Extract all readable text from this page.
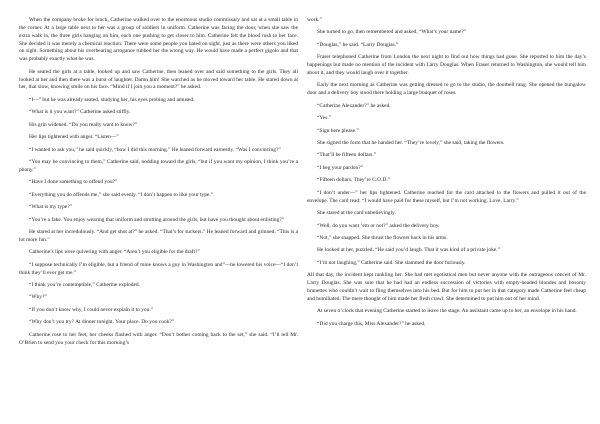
When the company broke for lunch, Catherine walked over to the enormous studio commissary and sat at a small table in the corner. At a large table next to her was a group of soldiers in uniform. Catherine was facing the door, when she saw the extra walk in, the three girls hanging on him, each one pushing to get closer to him. Catherine felt the blood rush to her face. She decided it was merely a chemical reaction. There were some people you hated on sight, just as there were others you liked on sight. Something about his overbearing arrogance rubbed her the wrong way. He would have made a perfect gigolo and that was probably exactly what he was.

He seated the girls at a table, looked up and saw Catherine, then leaned over and said something to the girls. They all looked at her and then there was a burst of laughter. Damn him! She watched as he moved toward her table. He stared down at her, that slow, knowing smile on his face. “Mind if I join you a moment?” he asked.

“I—” but he was already seated, studying her, his eyes probing and amused.

“What is it you want?” Catherine asked stiffly.

His grin widened. “Do you really want to know?”

Her lips tightened with anger. “Listen—”

“I wanted to ask you,” he said quickly, “how I did this morning.” He leaned forward earnestly. “Was I convincing?”

“You may be convincing to them,” Catherine said, nodding toward the girls, “but if you want my opinion, I think you’re a phony.”

“Have I done something to offend you?”

“Everything you do offends me,” she said evenly. “I don’t happen to like your type.”

“What is my type?”

“You’re a fake. You enjoy wearing that uniform and strutting around the girls, but have you thought about enlisting?”

He stared at her incredulously. “And get shot at?” he asked. “That’s for suckers.” He leaned forward and grinned. “This is a lot more fun.”

Catherine’s lips were quivering with anger. “Aren’t you eligible for the draft?”

“I suppose technically I’m eligible, but a friend of mine knows a guy in Washington and”—he lowered his voice—“I don’t think they’ll ever get me.”

“I think you’re contemptible,” Catherine exploded.

“Why?”

“If you don’t know why, I could never explain it to you.”

“Why don’t you try? At dinner tonight. Your place. Do you cook?”

Catherine rose to her feet, her cheeks flashed with anger. “Don’t bother coming back to the set,” she said. “I’ll tell Mr. O’Brien to send you your check for this morning’s

work.”

She turned to go, then remembered and asked, “What’s your name?”

“Douglas,” he said. “Larry Douglas.”

Fraser telephoned Catherine from London the next night to find out how things had gone. She reported to him the day’s happenings but made no mention of the incident with Larry Douglas. When Fraser returned to Washington, she would tell him about it, and they would laugh over it together.

Early the next morning as Catherine was getting dressed to go to the studio, the doorbell rang. She opened the bungalow door and a delivery boy stood there holding a large bouquet of roses.

“Catherine Alexander?” he asked.

“Yes.”

“Sign here please.”

She signed the form that he handed her. “They’re lovely,” she said, taking the flowers.

“That’ll be fifteen dollars.”

“I beg your pardon?”

“Fifteen dollars. They’re C.O.D.”

“I don’t under—” her lips tightened. Catherine reached for the card attached to the flowers and pulled it out of the envelope. The card read: “I would have paid for these myself, but I’m not working. Love, Larry.”

She stared at the card unbelievingly.

“Well, do you want ’em or not?” asked the delivery boy.

“Not,” she snapped. She thrust the flowers back in his arms.

He looked at her, puzzled. “He said you’d laugh. That it was kind of a private joke.”

“I’m not laughing,” Catherine said. She slammed the door furiously.

All that day, the incident kept rankling her. She had met egotistical men but never anyone with the outrageous conceit of Mr. Larry Douglas. She was sure that he had had an endless succession of victories with empty-headed blondes and bosomy brunettes who couldn’t wait to fling themselves into his bed. But for him to put her in that category made Catherine feel cheap and humiliated. The mere thought of him made her flesh crawl. She determined to put him out of her mind.

At seven o’clock that evening Catherine started to leave the stage. An assistant came up to her, an envelope in his hand.

“Did you charge this, Miss Alexander?” he asked.
